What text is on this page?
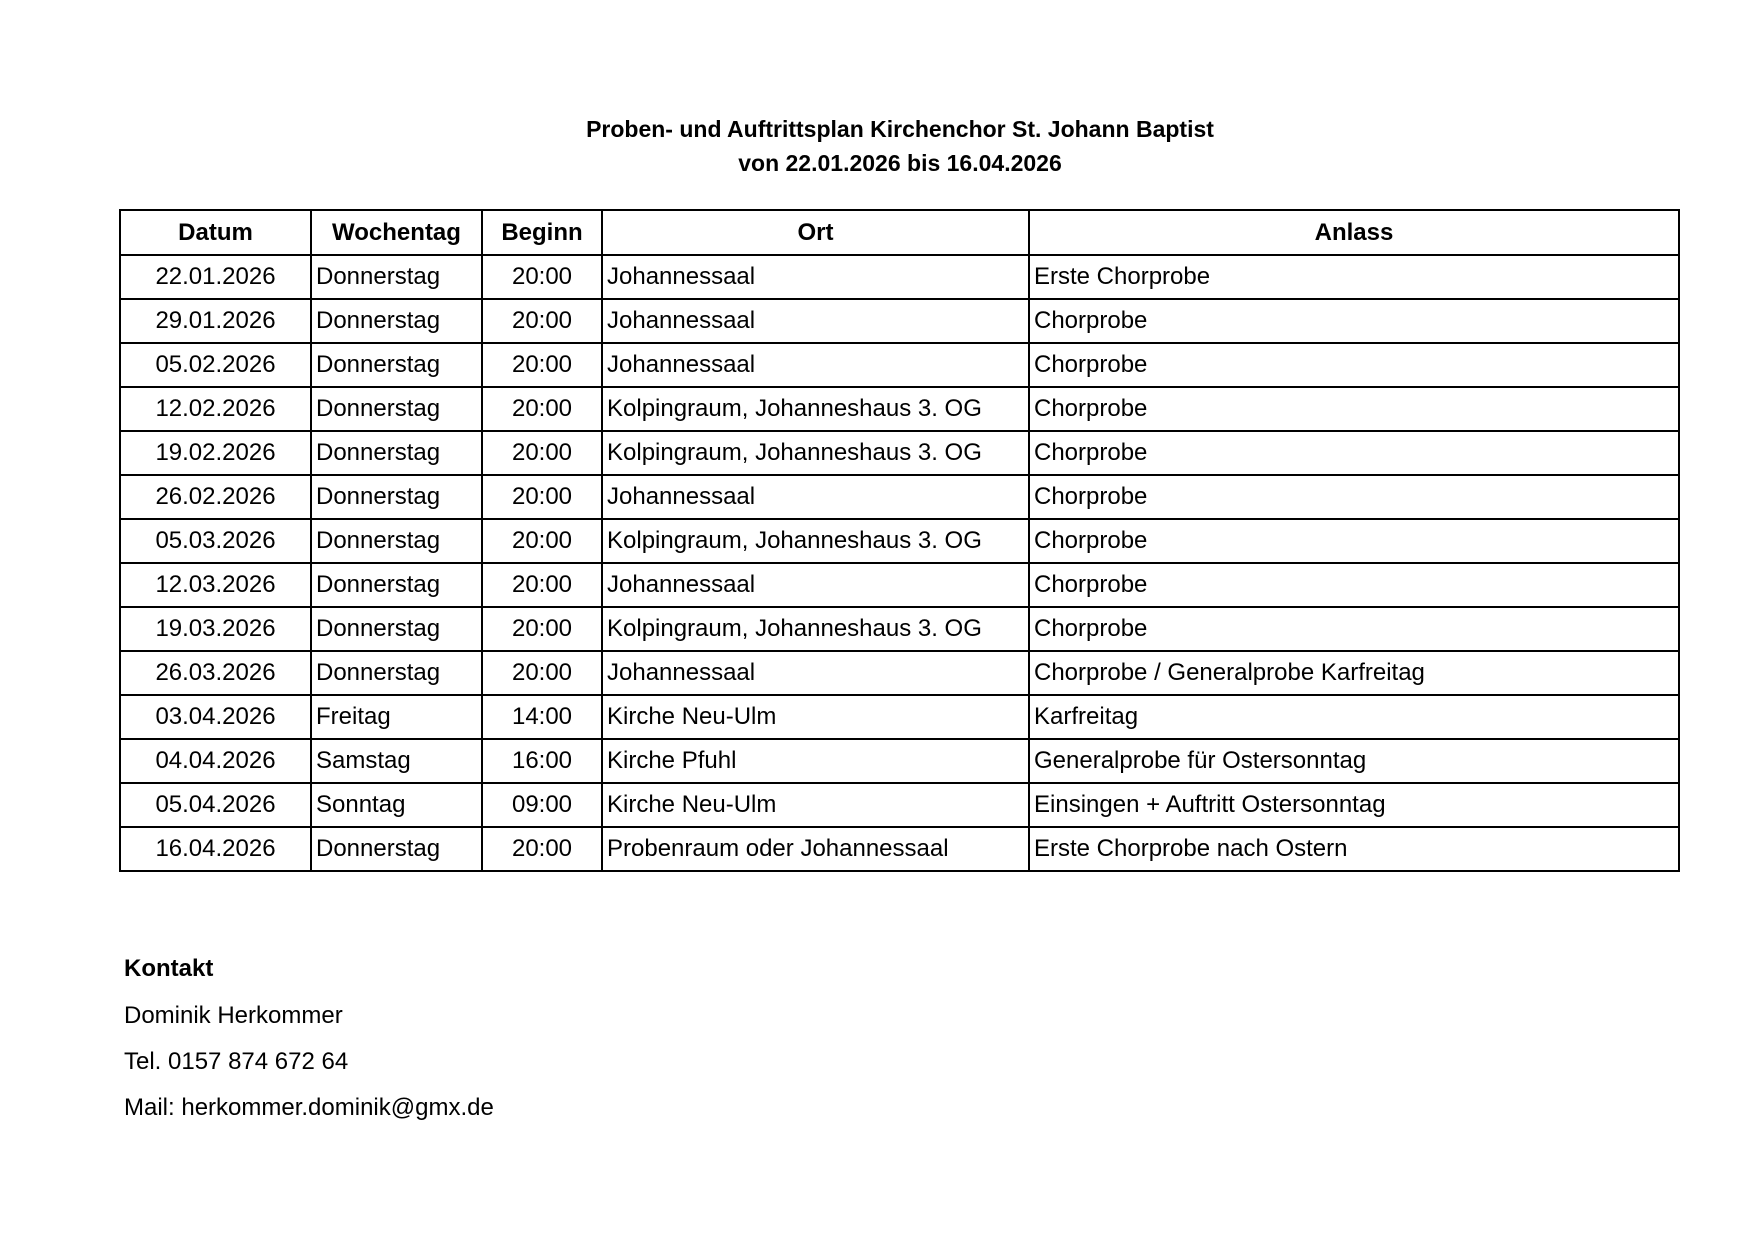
Proben- und Auftrittsplan Kirchenchor St. Johann Baptist
von 22.01.2026 bis 16.04.2026
Datum	Wochentag	Beginn	Ort	Anlass
22.01.2026	Donnerstag	20:00	Johannessaal	Erste Chorprobe
29.01.2026	Donnerstag	20:00	Johannessaal	Chorprobe
05.02.2026	Donnerstag	20:00	Johannessaal	Chorprobe
12.02.2026	Donnerstag	20:00	Kolpingraum, Johanneshaus 3. OG	Chorprobe
19.02.2026	Donnerstag	20:00	Kolpingraum, Johanneshaus 3. OG	Chorprobe
26.02.2026	Donnerstag	20:00	Johannessaal	Chorprobe
05.03.2026	Donnerstag	20:00	Kolpingraum, Johanneshaus 3. OG	Chorprobe
12.03.2026	Donnerstag	20:00	Johannessaal	Chorprobe
19.03.2026	Donnerstag	20:00	Kolpingraum, Johanneshaus 3. OG	Chorprobe
26.03.2026	Donnerstag	20:00	Johannessaal	Chorprobe / Generalprobe Karfreitag
03.04.2026	Freitag	14:00	Kirche Neu-Ulm	Karfreitag
04.04.2026	Samstag	16:00	Kirche Pfuhl	Generalprobe für Ostersonntag
05.04.2026	Sonntag	09:00	Kirche Neu-Ulm	Einsingen + Auftritt Ostersonntag
16.04.2026	Donnerstag	20:00	Probenraum oder Johannessaal	Erste Chorprobe nach Ostern
Kontakt
Dominik Herkommer
Tel. 0157 874 672 64
Mail: herkommer.dominik@gmx.de
